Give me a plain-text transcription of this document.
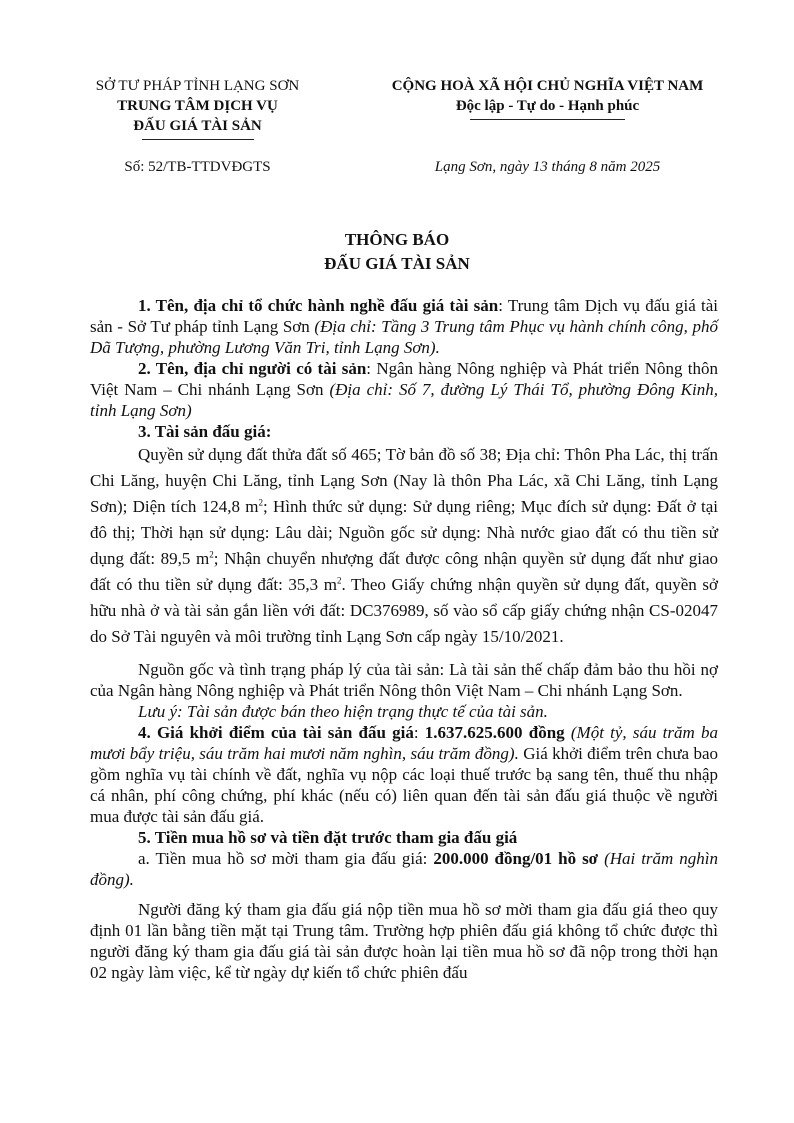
SỞ TƯ PHÁP TỈNH LẠNG SƠN
TRUNG TÂM DỊCH VỤ
ĐẤU GIÁ TÀI SẢN
CỘNG HOÀ XÃ HỘI CHỦ NGHĨA VIỆT NAM
Độc lập - Tự do - Hạnh phúc
Số: 52/TB-TTDVĐGTS	Lạng Sơn, ngày 13 tháng 8 năm 2025
THÔNG BÁO
ĐẤU GIÁ TÀI SẢN

1. Tên, địa chỉ tổ chức hành nghề đấu giá tài sản: Trung tâm Dịch vụ đấu giá tài sản - Sở Tư pháp tỉnh Lạng Sơn (Địa chỉ: Tầng 3 Trung tâm Phục vụ hành chính công, phố Dã Tượng, phường Lương Văn Tri, tỉnh Lạng Sơn).

2. Tên, địa chỉ người có tài sản: Ngân hàng Nông nghiệp và Phát triển Nông thôn Việt Nam – Chi nhánh Lạng Sơn (Địa chỉ: Số 7, đường Lý Thái Tổ, phường Đông Kinh, tỉnh Lạng Sơn)

3. Tài sản đấu giá:

Quyền sử dụng đất thửa đất số 465; Tờ bản đồ số 38; Địa chỉ: Thôn Pha Lác, thị trấn Chi Lăng, huyện Chi Lăng, tỉnh Lạng Sơn (Nay là thôn Pha Lác, xã Chi Lăng, tỉnh Lạng Sơn); Diện tích 124,8 $m^2$; Hình thức sử dụng: Sử dụng riêng; Mục đích sử dụng: Đất ở tại đô thị; Thời hạn sử dụng: Lâu dài; Nguồn gốc sử dụng: Nhà nước giao đất có thu tiền sử dụng đất: 89,5 $m^2$; Nhận chuyển nhượng đất được công nhận quyền sử dụng đất như giao đất có thu tiền sử dụng đất: 35,3 $m^2$. Theo Giấy chứng nhận quyền sử dụng đất, quyền sở hữu nhà ở và tài sản gắn liền với đất: DC376989, số vào sổ cấp giấy chứng nhận CS-02047 do Sở Tài nguyên và môi trường tỉnh Lạng Sơn cấp ngày 15/10/2021.

Nguồn gốc và tình trạng pháp lý của tài sản: Là tài sản thế chấp đảm bảo thu hồi nợ của Ngân hàng Nông nghiệp và Phát triển Nông thôn Việt Nam – Chi nhánh Lạng Sơn.

Lưu ý: Tài sản được bán theo hiện trạng thực tế của tài sản.

4. Giá khởi điểm của tài sản đấu giá: 1.637.625.600 đồng (Một tỷ, sáu trăm ba mươi bẩy triệu, sáu trăm hai mươi năm nghìn, sáu trăm đồng). Giá khởi điểm trên chưa bao gồm nghĩa vụ tài chính về đất, nghĩa vụ nộp các loại thuế trước bạ sang tên, thuế thu nhập cá nhân, phí công chứng, phí khác (nếu có) liên quan đến tài sản đấu giá thuộc về người mua được tài sản đấu giá.

5. Tiền mua hồ sơ và tiền đặt trước tham gia đấu giá

a. Tiền mua hồ sơ mời tham gia đấu giá: 200.000 đồng/01 hồ sơ (Hai trăm nghìn đồng).

Người đăng ký tham gia đấu giá nộp tiền mua hồ sơ mời tham gia đấu giá theo quy định 01 lần bằng tiền mặt tại Trung tâm. Trường hợp phiên đấu giá không tổ chức được thì người đăng ký tham gia đấu giá tài sản được hoàn lại tiền mua hồ sơ đã nộp trong thời hạn 02 ngày làm việc, kể từ ngày dự kiến tổ chức phiên đấu
